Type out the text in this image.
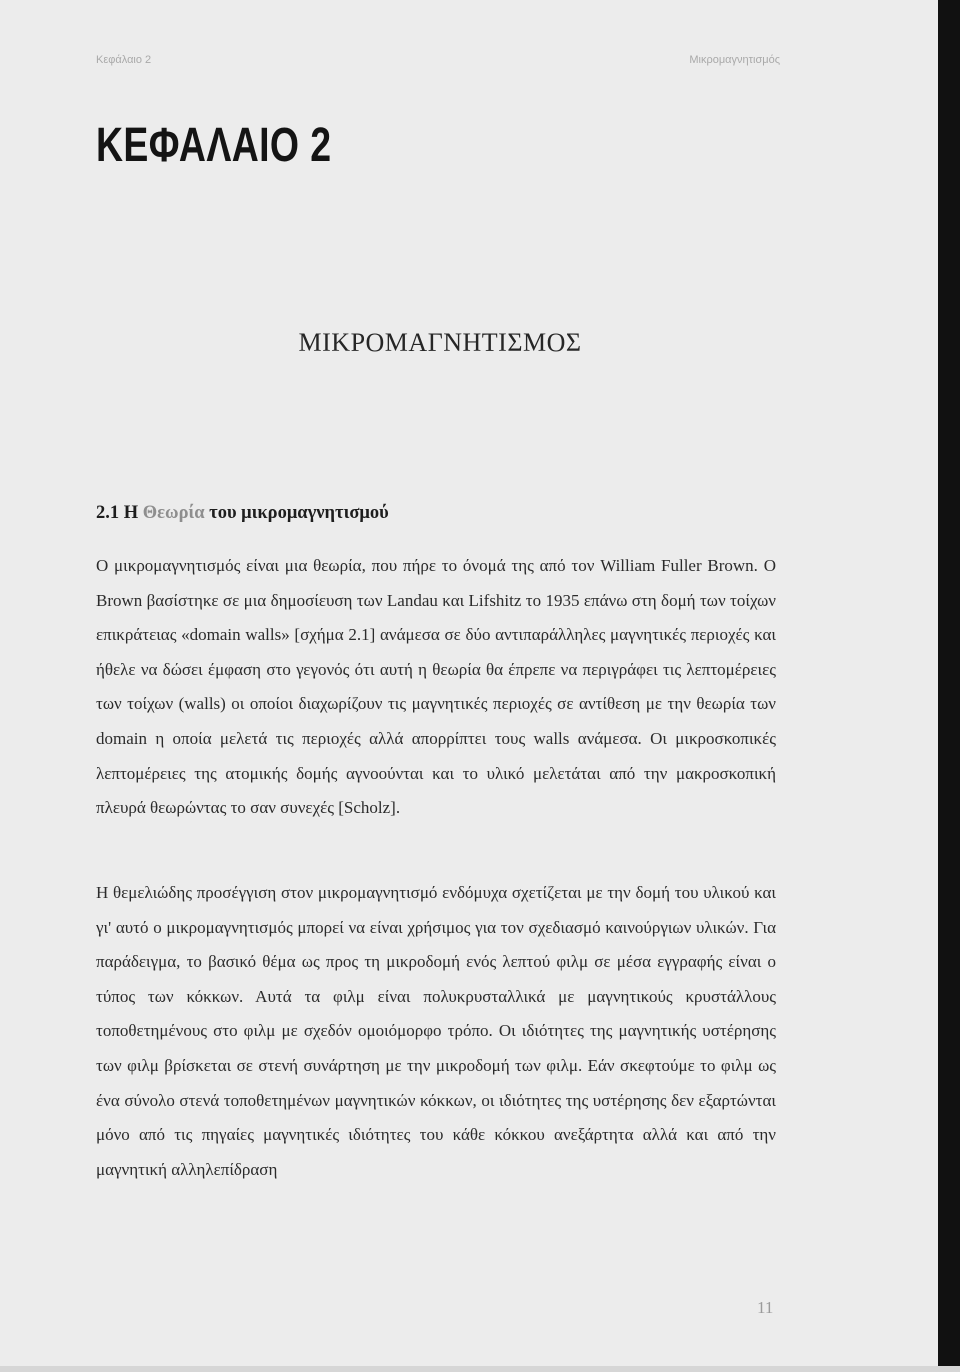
Κεφάλαιο 2	Μικρομαγνητισμός
ΚΕΦΑΛΑΙΟ 2
ΜΙΚΡΟΜΑΓΝΗΤΙΣΜΟΣ
2.1 Η Θεωρία του μικρομαγνητισμού

Ο μικρομαγνητισμός είναι μια θεωρία, που πήρε το όνομά της από τον William Fuller Brown. Ο Brown βασίστηκε σε μια δημοσίευση των Landau και Lifshitz το 1935 επάνω στη δομή των τοίχων επικράτειας «domain walls» [σχήμα 2.1] ανάμεσα σε δύο αντιπαράλληλες μαγνητικές περιοχές και ήθελε να δώσει έμφαση στο γεγονός ότι αυτή η θεωρία θα έπρεπε να περιγράφει τις λεπτομέρειες των τοίχων (walls) οι οποίοι διαχωρίζουν τις μαγνητικές περιοχές σε αντίθεση με την θεωρία των domain η οποία μελετά τις περιοχές αλλά απορρίπτει τους walls ανάμεσα. Οι μικροσκοπικές λεπτομέρειες της ατομικής δομής αγνοούνται και το υλικό μελετάται από την μακροσκοπική πλευρά θεωρώντας το σαν συνεχές [Scholz].

Η θεμελιώδης προσέγγιση στον μικρομαγνητισμό ενδόμυχα σχετίζεται με την δομή του υλικού και γι' αυτό ο μικρομαγνητισμός μπορεί να είναι χρήσιμος για τον σχεδιασμό καινούργιων υλικών. Για παράδειγμα, το βασικό θέμα ως προς τη μικροδομή ενός λεπτού φιλμ σε μέσα εγγραφής είναι ο τύπος των κόκκων. Αυτά τα φιλμ είναι πολυκρυσταλλικά με μαγνητικούς κρυστάλλους τοποθετημένους στο φιλμ με σχεδόν ομοιόμορφο τρόπο. Οι ιδιότητες της μαγνητικής υστέρησης των φιλμ βρίσκεται σε στενή συνάρτηση με την μικροδομή των φιλμ. Εάν σκεφτούμε το φιλμ ως ένα σύνολο στενά τοποθετημένων μαγνητικών κόκκων, οι ιδιότητες της υστέρησης δεν εξαρτώνται μόνο από τις πηγαίες μαγνητικές ιδιότητες του κάθε κόκκου ανεξάρτητα αλλά και από την μαγνητική αλληλεπίδραση

11
